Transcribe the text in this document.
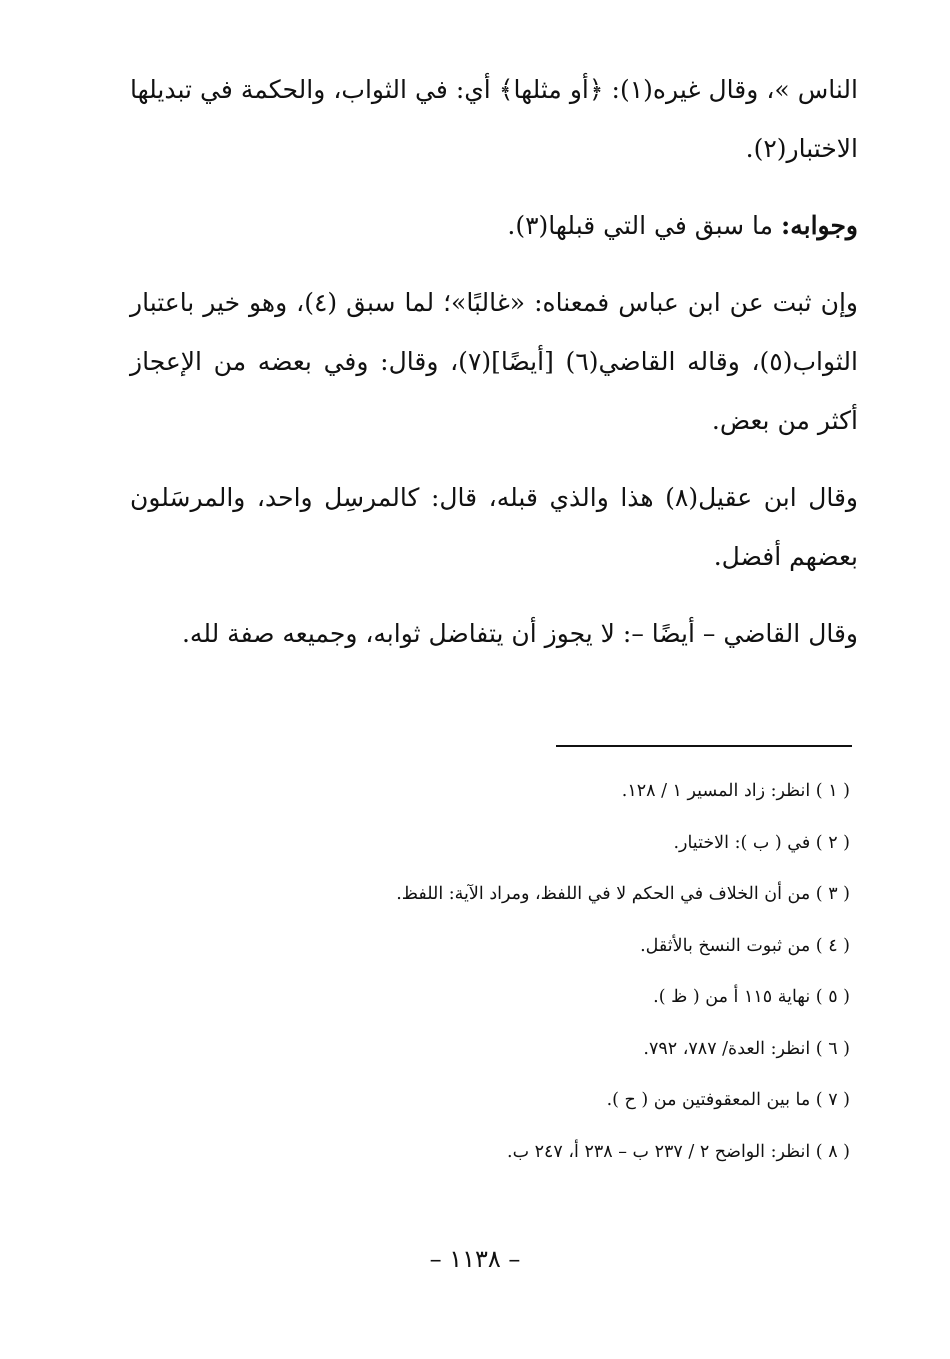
الناس »، وقال غيره(١): ﴿أو مثلها﴾ أي: في الثواب، والحكمة في تبديلها الاختبار(٢).

وجوابه: ما سبق في التي قبلها(٣).

وإن ثبت عن ابن عباس فمعناه: «غالبًا»؛ لما سبق (٤)، وهو خير باعتبار الثواب(٥)، وقاله القاضي(٦) [أيضًا](٧)، وقال: وفي بعضه من الإعجاز أكثر من بعض.

وقال ابن عقيل(٨) هذا والذي قبله، قال: كالمرسِل واحد، والمرسَلون بعضهم أفضل.

وقال القاضي – أيضًا –: لا يجوز أن يتفاضل ثوابه، وجميعه صفة لله.

( ١ ) انظر: زاد المسير ١ / ١٢٨.
( ٢ ) في ( ب ): الاختيار.
( ٣ ) من أن الخلاف في الحكم لا في اللفظ، ومراد الآية: اللفظ.
( ٤ ) من ثبوت النسخ بالأثقل.
( ٥ ) نهاية ١١٥ أ من ( ظ ).
( ٦ ) انظر: العدة/ ٧٨٧، ٧٩٢.
( ٧ ) ما بين المعقوفتين من ( ح ).
( ٨ ) انظر: الواضح ٢ / ٢٣٧ ب – ٢٣٨ أ، ٢٤٧ ب.
– ١١٣٨ –
